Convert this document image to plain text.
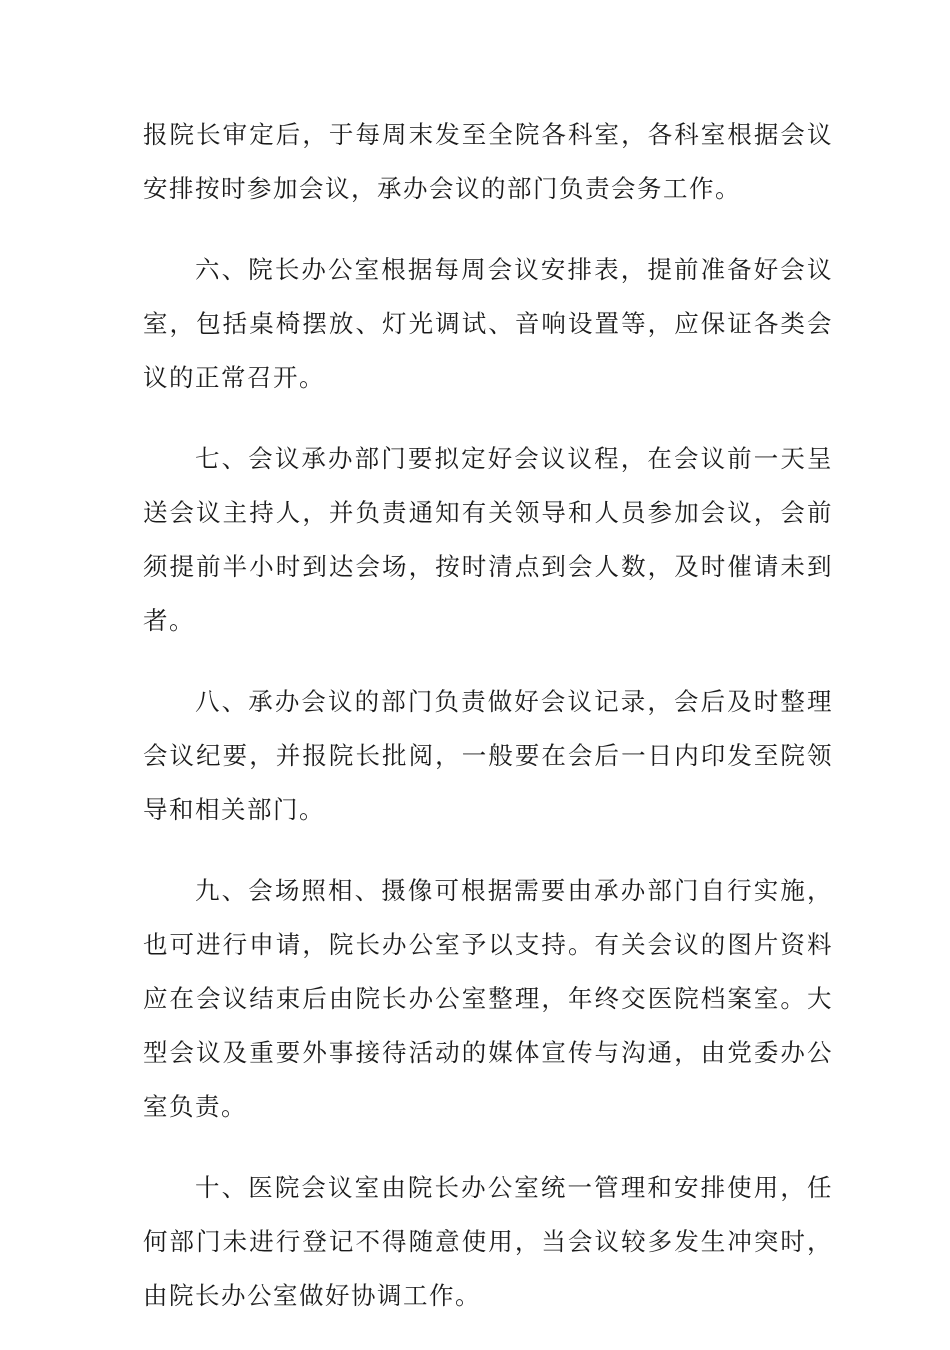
报院长审定后，于每周末发至全院各科室，各科室根据会议安排按时参加会议，承办会议的部门负责会务工作。

六、院长办公室根据每周会议安排表，提前准备好会议室，包括桌椅摆放、灯光调试、音响设置等，应保证各类会议的正常召开。

七、会议承办部门要拟定好会议议程，在会议前一天呈送会议主持人，并负责通知有关领导和人员参加会议，会前须提前半小时到达会场，按时清点到会人数，及时催请未到者。

八、承办会议的部门负责做好会议记录，会后及时整理会议纪要，并报院长批阅，一般要在会后一日内印发至院领导和相关部门。

九、会场照相、摄像可根据需要由承办部门自行实施，也可进行申请，院长办公室予以支持。有关会议的图片资料应在会议结束后由院长办公室整理，年终交医院档案室。大型会议及重要外事接待活动的媒体宣传与沟通，由党委办公室负责。

十、医院会议室由院长办公室统一管理和安排使用，任何部门未进行登记不得随意使用，当会议较多发生冲突时，由院长办公室做好协调工作。
